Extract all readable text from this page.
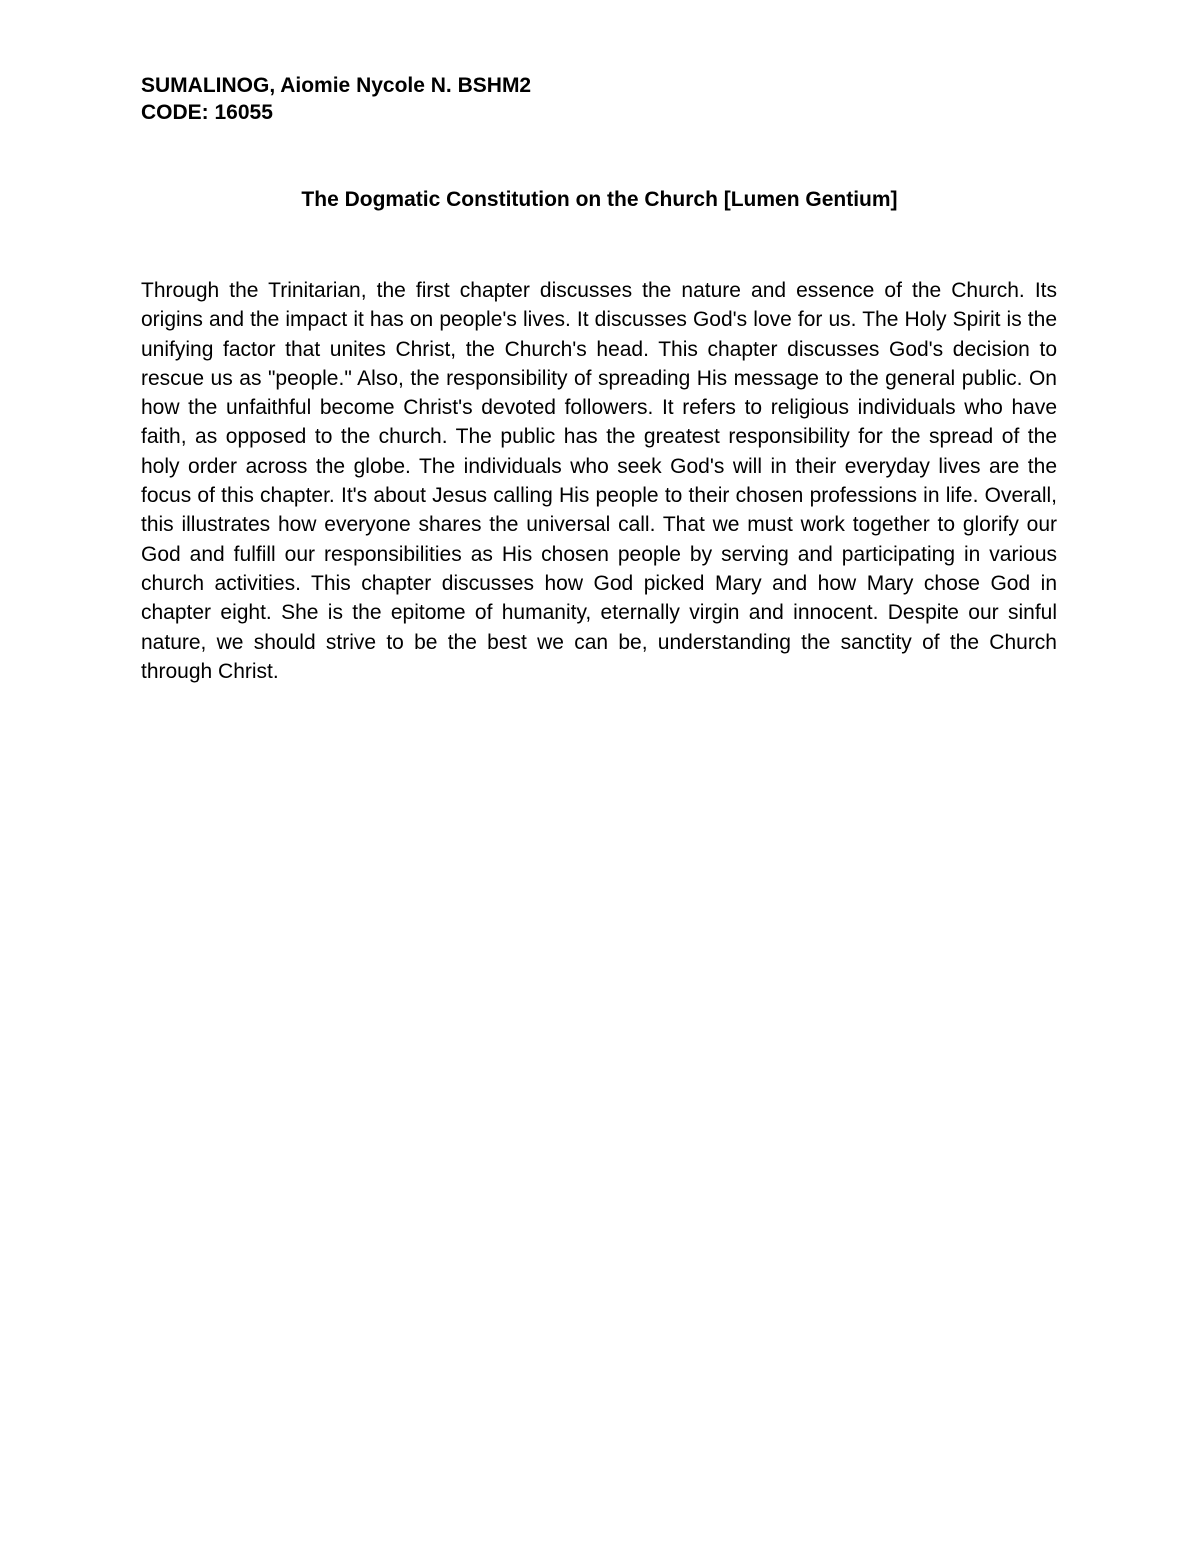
SUMALINOG, Aiomie Nycole N. BSHM2
CODE: 16055
The Dogmatic Constitution on the Church [Lumen Gentium]

Through the Trinitarian, the first chapter discusses the nature and essence of the Church. Its origins and the impact it has on people's lives. It discusses God's love for us. The Holy Spirit is the unifying factor that unites Christ, the Church's head. This chapter discusses God's decision to rescue us as "people." Also, the responsibility of spreading His message to the general public. On how the unfaithful become Christ's devoted followers. It refers to religious individuals who have faith, as opposed to the church. The public has the greatest responsibility for the spread of the holy order across the globe. The individuals who seek God's will in their everyday lives are the focus of this chapter. It's about Jesus calling His people to their chosen professions in life. Overall, this illustrates how everyone shares the universal call. That we must work together to glorify our God and fulfill our responsibilities as His chosen people by serving and participating in various church activities. This chapter discusses how God picked Mary and how Mary chose God in chapter eight. She is the epitome of humanity, eternally virgin and innocent. Despite our sinful nature, we should strive to be the best we can be, understanding the sanctity of the Church through Christ.
